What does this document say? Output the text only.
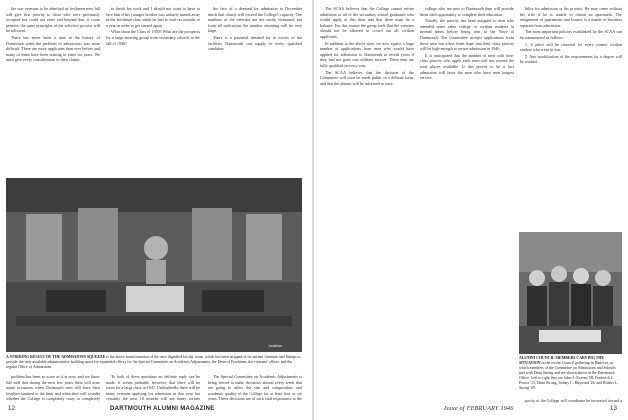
the war veterans to be admitted as freshmen next fall will give first priority to those who were previously accepted but could not enter and beyond that, if room permits, the same principles of the selective process will be followed.

There has never been a time in the history of Dartmouth when the problem of admissions was more difficult. There are more applicants than ever before and many of them have been waiting to enter for years. We must give every consideration to their claims.

to finish his work and I should not want to have to face him if his younger brother was unfairly turned away in the freshman class while he had to wait six months or a year in order to get started again.

What about the Class of 1950? What are the prospects for a large entering group from secondary schools in the fall of 1946?

the face of a demand for admission in December much that clearly will exceed the College's capacity. The numbers of the veterans are not easily estimated, but from all indications the number returning will be very large.

There is a potential demand far in excess of the facilities Dartmouth can supply to every qualified candidate.

Jonathan
A STRIKING RESULT OF THE ADMISSIONS SQUEEZE is the above transformation of the once dignified faculty room, which has been stripped of its ancient furniture and fittings to provide the only available administrative building space for expanded offices for the Special Committee on Academic Adjustments, the Dean of Freshmen, the veterans' officer, and the regular Office of Admissions.

problem has been as acute as it is now, and we know full well that during the next few years there will arise many occasions when Dartmouth men will have their loyalties strained to the limit and when they will wonder whether the College is completely crazy or completely

To both of these questions no definite reply can be made. It seems probable, however, that there will be room for a large class in 1947. Undoubtedly there will be many veterans applying for admission in that year but certainly the next 18 months will see many former

The Special Committee on Academic Adjustments is being forced to make decisions almost every week that are going to affect the size and composition, and academic quality of the College for at least four or six years. These decisions are of such vital importance to the

12	DARTMOUTH ALUMNI MAGAZINE

The SCAA believes that the College cannot refuse admission to all of the secondary school graduates who would apply at this time and that there must be a balance. For this reason the group feels that the veterans should not be allowed to crowd out all civilian applicants.

In addition to the above men, we now expect a large number of applications from men who would have applied for admission to Dartmouth in recent years if they had not gone into military service. These men are fully qualified in every way.

The SCAA believes that the decision of the Committee will soon be made public in a definite form, and that the alumni will be informed at once.

college who are new to Dartmouth then will provide them with opportunity to complete their education.

Thirdly, the priority has been assigned to men who attended some other college or civilian students in normal times before being sent to the Navy at Dartmouth. The Committee accepts applications from these men but offers them hope that their class priority will be high enough to secure admission in 1946.

It is anticipated that the number of men with first-class priority who apply each term will not exceed the total places available. If this proves to be a fact admission will favor the men who have seen longest service.

bility for admission or his priority. He may come without his wife if he is unable to obtain an apartment. The assignment of apartments and houses is a matter of business separate from admission.

The most important policies established by the SCAA can be summarized as follows:

1. A place will be reserved for every former civilian student who went to war.

2. Any modification of the requirements for a degree will be studied.

ALUMNI COUNCIL MEMBERS CARVING THE SITUATION in the recent Council gathering in Hanover, at which members of the Committee on Admissions and Schools met with Dean Strong and are shown above in the Dartmouth Office. Left to right they are John S. Everett '08, Frederick L. Pearce '13, Dean Strong, Sidney C. Hayward '26, and Robert L. Strong '09.

pacity of the College will coordinate be increased toward a

Issue of FEBRUARY 1946	13
